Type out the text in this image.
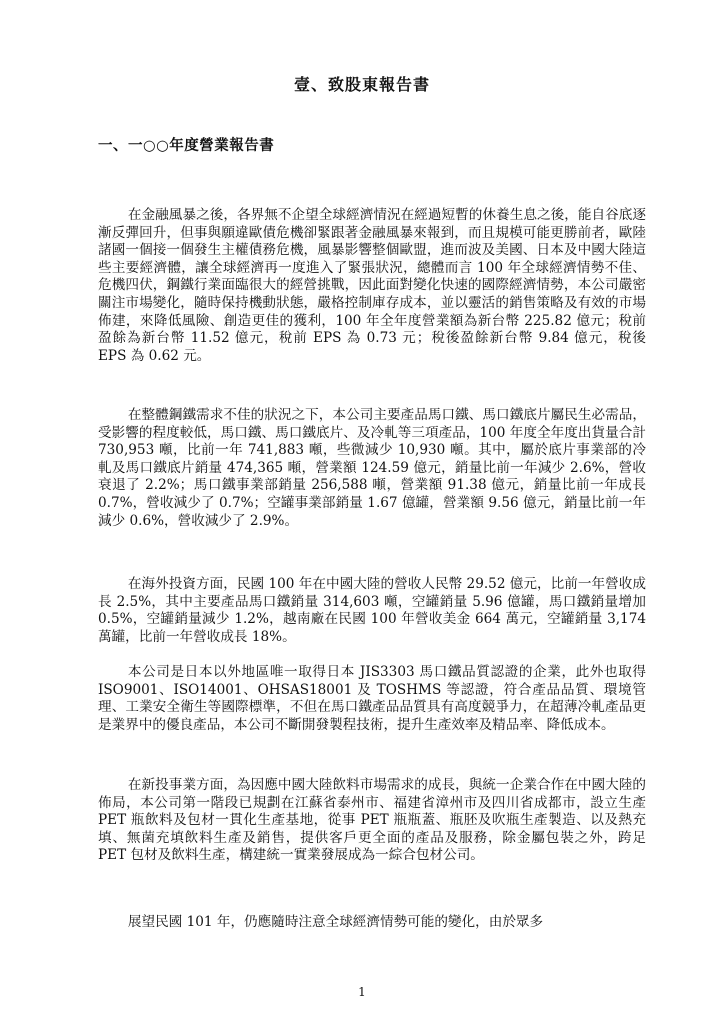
壹、致股東報告書
一、一○○年度營業報告書

在金融風暴之後，各界無不企望全球經濟情況在經過短暫的休養生息之後，能自谷底逐漸反彈回升，但事與願違歐債危機卻緊跟著金融風暴來報到，而且規模可能更勝前者，歐陸諸國一個接一個發生主權債務危機，風暴影響整個歐盟，進而波及美國、日本及中國大陸這些主要經濟體，讓全球經濟再一度進入了緊張狀況，總體而言 100 年全球經濟情勢不佳、危機四伏，鋼鐵行業面臨很大的經營挑戰，因此面對變化快速的國際經濟情勢，本公司嚴密關注市場變化，隨時保持機動狀態，嚴格控制庫存成本，並以靈活的銷售策略及有效的市場佈建，來降低風險、創造更佳的獲利，100 年全年度營業額為新台幣 225.82 億元；稅前盈餘為新台幣 11.52 億元，稅前 EPS 為 0.73 元；稅後盈餘新台幣 9.84 億元，稅後 EPS 為 0.62 元。

在整體鋼鐵需求不佳的狀況之下，本公司主要產品馬口鐵、馬口鐵底片屬民生必需品，受影響的程度較低，馬口鐵、馬口鐵底片、及冷軋等三項產品，100 年度全年度出貨量合計 730,953 噸，比前一年 741,883 噸，些微減少 10,930 噸。其中，屬於底片事業部的冷軋及馬口鐵底片銷量 474,365 噸，營業額 124.59 億元，銷量比前一年減少 2.6%，營收衰退了 2.2%；馬口鐵事業部銷量 256,588 噸，營業額 91.38 億元，銷量比前一年成長 0.7%，營收減少了 0.7%；空罐事業部銷量 1.67 億罐，營業額 9.56 億元，銷量比前一年減少 0.6%，營收減少了 2.9%。

在海外投資方面，民國 100 年在中國大陸的營收人民幣 29.52 億元，比前一年營收成長 2.5%，其中主要產品馬口鐵銷量 314,603 噸，空罐銷量 5.96 億罐，馬口鐵銷量增加 0.5%，空罐銷量減少 1.2%，越南廠在民國 100 年營收美金 664 萬元，空罐銷量 3,174 萬罐，比前一年營收成長 18%。

本公司是日本以外地區唯一取得日本 JIS3303 馬口鐵品質認證的企業，此外也取得 ISO9001、ISO14001、OHSAS18001 及 TOSHMS 等認證，符合產品品質、環境管理、工業安全衛生等國際標準，不但在馬口鐵產品品質具有高度競爭力，在超薄冷軋產品更是業界中的優良產品，本公司不斷開發製程技術，提升生產效率及精品率、降低成本。

在新投事業方面，為因應中國大陸飲料市場需求的成長，與統一企業合作在中國大陸的佈局，本公司第一階段已規劃在江蘇省泰州市、福建省漳州市及四川省成都市，設立生產 PET 瓶飲料及包材一貫化生產基地，從事 PET 瓶瓶蓋、瓶胚及吹瓶生產製造、以及熱充填、無菌充填飲料生產及銷售，提供客戶更全面的產品及服務，除金屬包裝之外，跨足 PET 包材及飲料生產，構建統一實業發展成為一綜合包材公司。

展望民國 101 年，仍應隨時注意全球經濟情勢可能的變化，由於眾多

1
